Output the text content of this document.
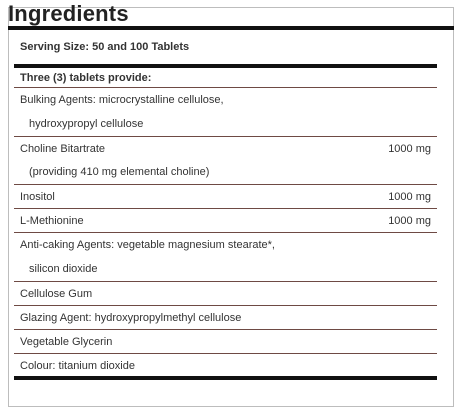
Ingredients
Serving Size: 50 and 100 Tablets
Three (3) tablets provide:
Bulking Agents: microcrystalline cellulose,
hydroxypropyl cellulose
Choline Bitartrate	1000 mg
(providing 410 mg elemental choline)
Inositol	1000 mg
L-Methionine	1000 mg
Anti-caking Agents: vegetable magnesium stearate*,
silicon dioxide
Cellulose Gum
Glazing Agent: hydroxypropylmethyl cellulose
Vegetable Glycerin
Colour: titanium dioxide
